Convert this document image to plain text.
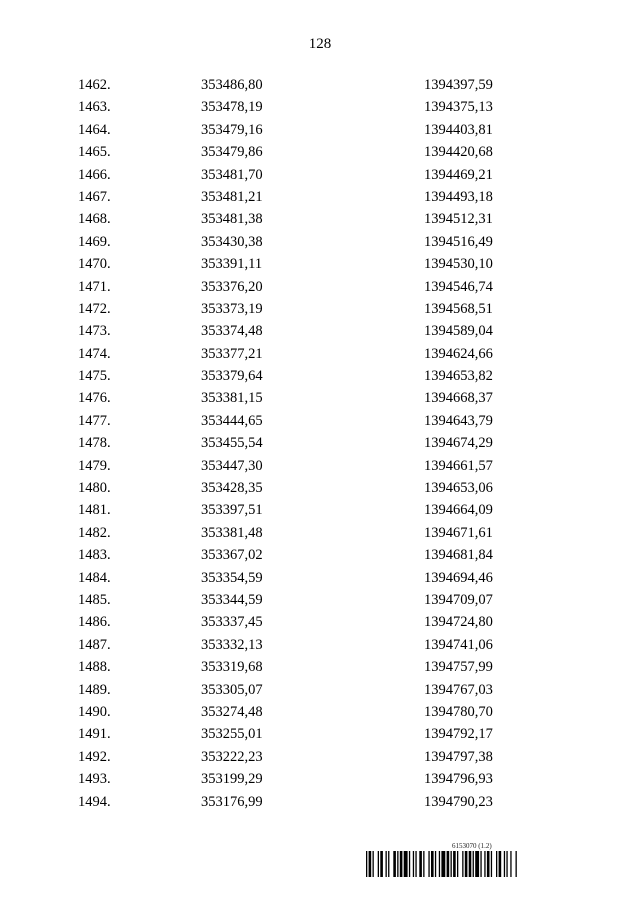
128
1462.	353486,80	1394397,59
1463.	353478,19	1394375,13
1464.	353479,16	1394403,81
1465.	353479,86	1394420,68
1466.	353481,70	1394469,21
1467.	353481,21	1394493,18
1468.	353481,38	1394512,31
1469.	353430,38	1394516,49
1470.	353391,11	1394530,10
1471.	353376,20	1394546,74
1472.	353373,19	1394568,51
1473.	353374,48	1394589,04
1474.	353377,21	1394624,66
1475.	353379,64	1394653,82
1476.	353381,15	1394668,37
1477.	353444,65	1394643,79
1478.	353455,54	1394674,29
1479.	353447,30	1394661,57
1480.	353428,35	1394653,06
1481.	353397,51	1394664,09
1482.	353381,48	1394671,61
1483.	353367,02	1394681,84
1484.	353354,59	1394694,46
1485.	353344,59	1394709,07
1486.	353337,45	1394724,80
1487.	353332,13	1394741,06
1488.	353319,68	1394757,99
1489.	353305,07	1394767,03
1490.	353274,48	1394780,70
1491.	353255,01	1394792,17
1492.	353222,23	1394797,38
1493.	353199,29	1394796,93
1494.	353176,99	1394790,23
6153070 (1.2)
